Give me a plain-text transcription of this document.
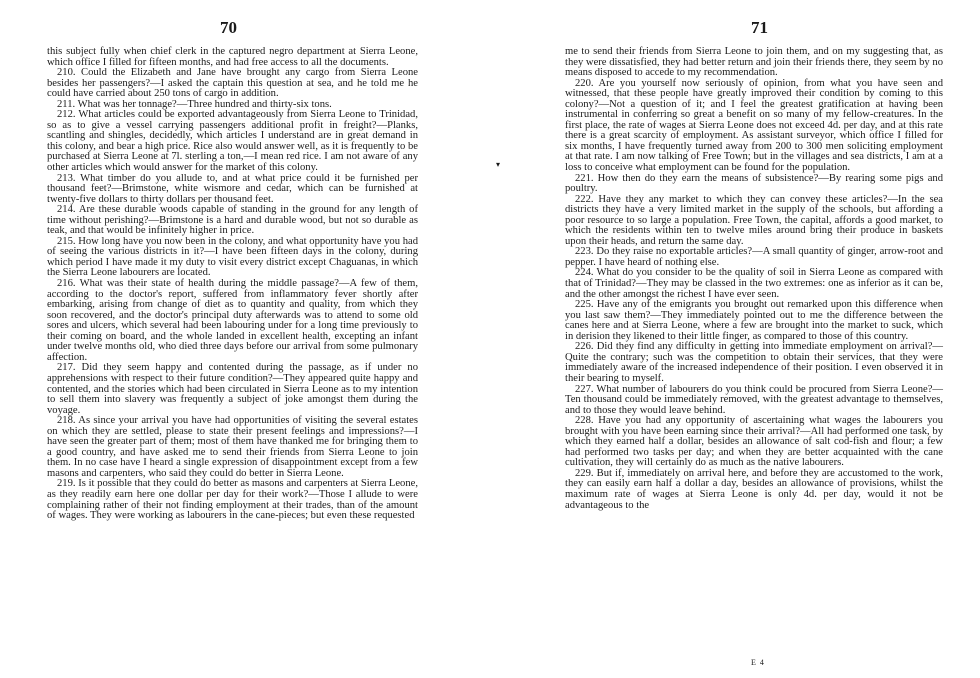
70	71

this subject fully when chief clerk in the captured negro department at Sierra Leone, which office I filled for fifteen months, and had free access to all the documents.

210. Could the Elizabeth and Jane have brought any cargo from Sierra Leone besides her passengers?—I asked the captain this question at sea, and he told me he could have carried about 250 tons of cargo in addition.

211. What was her tonnage?—Three hundred and thirty-six tons.

212. What articles could be exported advantageously from Sierra Leone to Trinidad, so as to give a vessel carrying passengers additional profit in freight?—Planks, scantling and shingles, decidedly, which articles I understand are in great demand in this colony, and bear a high price. Rice also would answer well, as it is frequently to be purchased at Sierra Leone at 7l. sterling a ton,—I mean red rice. I am not aware of any other articles which would answer for the market of this colony.

213. What timber do you allude to, and at what price could it be furnished per thousand feet?—Brimstone, white wismore and cedar, which can be furnished at twenty-five dollars to thirty dollars per thousand feet.

214. Are these durable woods capable of standing in the ground for any length of time without perishing?—Brimstone is a hard and durable wood, but not so durable as teak, and that would be infinitely higher in price.

215. How long have you now been in the colony, and what opportunity have you had of seeing the various districts in it?—I have been fifteen days in the colony, during which period I have made it my duty to visit every district except Chaguanas, in which the Sierra Leone labourers are located.

216. What was their state of health during the middle passage?—A few of them, according to the doctor's report, suffered from inflammatory fever shortly after embarking, arising from change of diet as to quantity and quality, from which they soon recovered, and the doctor's principal duty afterwards was to attend to some old sores and ulcers, which several had been labouring under for a long time previously to their coming on board, and the whole landed in excellent health, excepting an infant under twelve months old, who died three days before our arrival from some pulmonary affection.

217. Did they seem happy and contented during the passage, as if under no apprehensions with respect to their future condition?—They appeared quite happy and contented, and the stories which had been circulated in Sierra Leone as to my intention to sell them into slavery was frequently a subject of joke amongst them during the voyage.

218. As since your arrival you have had opportunities of visiting the several estates on which they are settled, please to state their present feelings and impressions?—I have seen the greater part of them; most of them have thanked me for bringing them to a good country, and have asked me to send their friends from Sierra Leone to join them. In no case have I heard a single expression of disappointment except from a few masons and carpenters, who said they could do better in Sierra Leone.

219. Is it possible that they could do better as masons and carpenters at Sierra Leone, as they readily earn here one dollar per day for their work?—Those I allude to were complaining rather of their not finding employment at their trades, than of the amount of wages. They were working as labourers in the cane-pieces; but even these requested

me to send their friends from Sierra Leone to join them, and on my suggesting that, as they were dissatisfied, they had better return and join their friends there, they seem by no means disposed to accede to my recommendation.

220. Are you yourself now seriously of opinion, from what you have seen and witnessed, that these people have greatly improved their condition by coming to this colony?—Not a question of it; and I feel the greatest gratification at having been instrumental in conferring so great a benefit on so many of my fellow-creatures. In the first place, the rate of wages at Sierra Leone does not exceed 4d. per day, and at this rate there is a great scarcity of employment. As assistant surveyor, which office I filled for six months, I have frequently turned away from 200 to 300 men soliciting employment at that rate. I am now talking of Free Town; but in the villages and sea districts, I am at a loss to conceive what employment can be found for the population.

221. How then do they earn the means of subsistence?—By rearing some pigs and poultry.

222. Have they any market to which they can convey these articles?—In the sea districts they have a very limited market in the supply of the schools, but affording a poor resource to so large a population. Free Town, the capital, affords a good market, to which the residents within ten to twelve miles around bring their produce in baskets upon their heads, and return the same day.

223. Do they raise no exportable articles?—A small quantity of ginger, arrow-root and pepper. I have heard of nothing else.

224. What do you consider to be the quality of soil in Sierra Leone as compared with that of Trinidad?—They may be classed in the two extremes: one as inferior as it can be, and the other amongst the richest I have ever seen.

225. Have any of the emigrants you brought out remarked upon this difference when you last saw them?—They immediately pointed out to me the difference between the canes here and at Sierra Leone, where a few are brought into the market to suck, which in derision they likened to their little finger, as compared to those of this country.

226. Did they find any difficulty in getting into immediate employment on arrival?—Quite the contrary; such was the competition to obtain their services, that they were immediately aware of the increased independence of their position. I even observed it in their bearing to myself.

227. What number of labourers do you think could be procured from Sierra Leone?—Ten thousand could be immediately removed, with the greatest advantage to themselves, and to those they would leave behind.

228. Have you had any opportunity of ascertaining what wages the labourers you brought with you have been earning since their arrival?—All had performed one task, by which they earned half a dollar, besides an allowance of salt cod-fish and flour; a few had performed two tasks per day; and when they are better acquainted with the cane cultivation, they will certainly do as much as the native labourers.

229. But if, immediately on arrival here, and before they are accustomed to the work, they can easily earn half a dollar a day, besides an allowance of provisions, whilst the maximum rate of wages at Sierra Leone is only 4d. per day, would it not be advantageous to the

▾
E 4
